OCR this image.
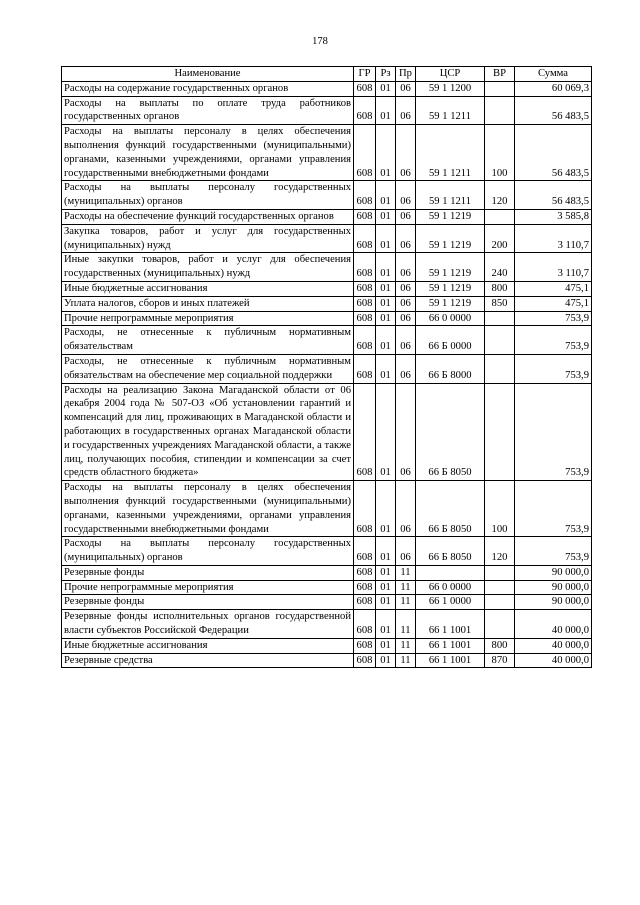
178
Наименование	ГР	Рз	Пр	ЦСР	ВР	Сумма
Расходы на содержание государственных органов	608	01	06	59 1 1200		60 069,3
Расходы на выплаты по оплате труда работников государственных органов	608	01	06	59 1 1211		56 483,5
Расходы на выплаты персоналу в целях обеспечения выполнения функций государственными (муниципальными) органами, казенными учреждениями, органами управления государственными внебюджетными фондами	608	01	06	59 1 1211	100	56 483,5
Расходы на выплаты персоналу государственных (муниципальных) органов	608	01	06	59 1 1211	120	56 483,5
Расходы на обеспечение функций государственных органов	608	01	06	59 1 1219		3 585,8
Закупка товаров, работ и услуг для государственных (муниципальных) нужд	608	01	06	59 1 1219	200	3 110,7
Иные закупки товаров, работ и услуг для обеспечения государственных (муниципальных) нужд	608	01	06	59 1 1219	240	3 110,7
Иные бюджетные ассигнования	608	01	06	59 1 1219	800	475,1
Уплата налогов, сборов и иных платежей	608	01	06	59 1 1219	850	475,1
Прочие непрограммные мероприятия	608	01	06	66 0 0000		753,9
Расходы, не отнесенные к публичным нормативным обязательствам	608	01	06	66 Б 0000		753,9
Расходы, не отнесенные к публичным нормативным обязательствам на обеспечение мер социальной поддержки	608	01	06	66 Б 8000		753,9
Расходы на реализацию Закона Магаданской области от 06 декабря 2004 года № 507-ОЗ «Об установлении гарантий и компенсаций для лиц, проживающих в Магаданской области и работающих в государственных органах Магаданской области и государственных учреждениях Магаданской области, а также лиц, получающих пособия, стипендии и компенсации за счет средств областного бюджета»	608	01	06	66 Б 8050		753,9
Расходы на выплаты персоналу в целях обеспечения выполнения функций государственными (муниципальными) органами, казенными учреждениями, органами управления государственными внебюджетными фондами	608	01	06	66 Б 8050	100	753,9
Расходы на выплаты персоналу государственных (муниципальных) органов	608	01	06	66 Б 8050	120	753,9
Резервные фонды	608	01	11			90 000,0
Прочие непрограммные мероприятия	608	01	11	66 0 0000		90 000,0
Резервные фонды	608	01	11	66 1 0000		90 000,0
Резервные фонды исполнительных органов государственной власти субъектов Российской Федерации	608	01	11	66 1 1001		40 000,0
Иные бюджетные ассигнования	608	01	11	66 1 1001	800	40 000,0
Резервные средства	608	01	11	66 1 1001	870	40 000,0
